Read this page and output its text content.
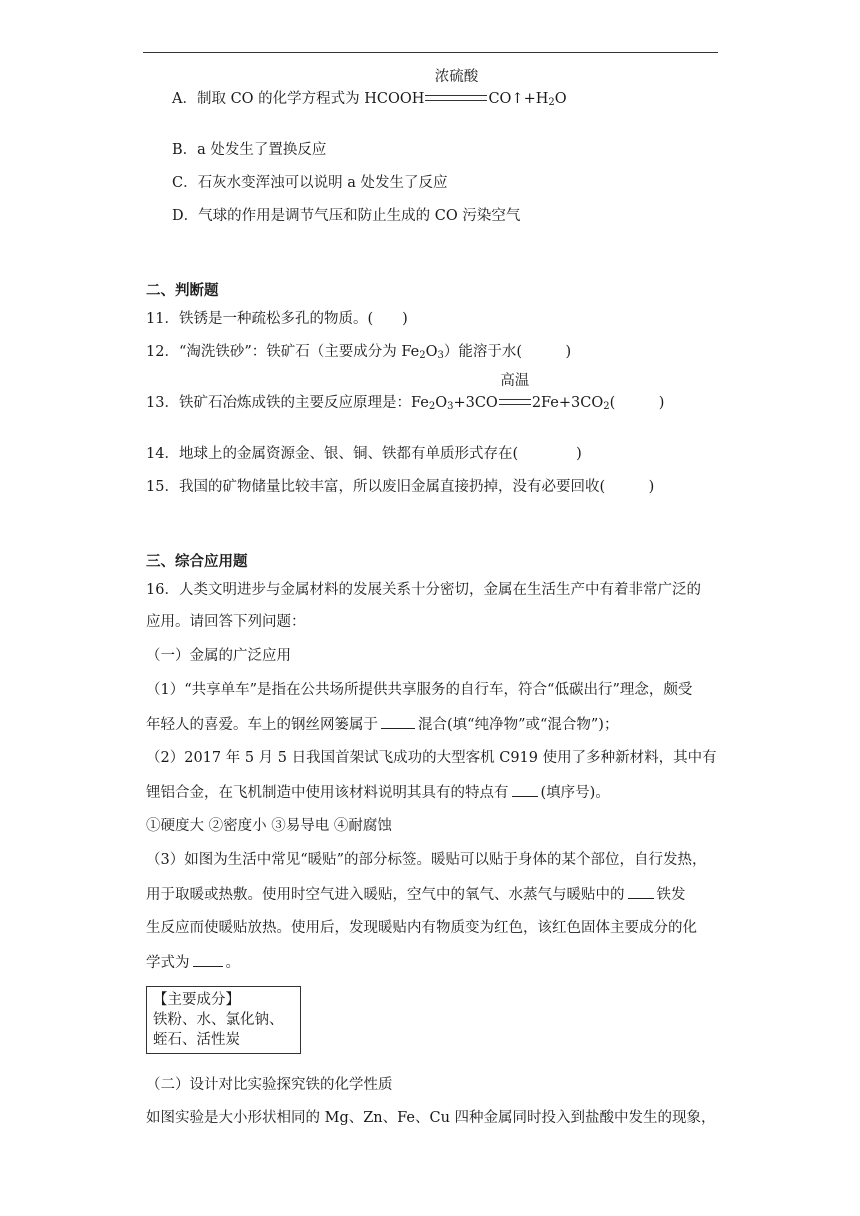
A．制取 CO 的化学方程式为 HCOOH
浓硫酸
$CO↑+H_2O$
B．a 处发生了置换反应
C．石灰水变浑浊可以说明 a 处发生了反应
D．气球的作用是调节气压和防止生成的 CO 污染空气
二、判断题
11．铁锈是一种疏松多孔的物质。(　　)
12．“淘洗铁砂”：铁矿石（主要成分为 $Fe_2O_3$）能溶于水(　　　)
13．铁矿石冶炼成铁的主要反应原理是：$Fe_2O_3+3CO$
高温
$2Fe+3CO_2$(　　　)
14．地球上的金属资源金、银、铜、铁都有单质形式存在(　　　　)
15．我国的矿物储量比较丰富，所以废旧金属直接扔掉，没有必要回收(　　　)
三、综合应用题
16．人类文明进步与金属材料的发展关系十分密切，金属在生活生产中有着非常广泛的
应用。请回答下列问题：
（一）金属的广泛应用
（1）“共享单车”是指在公共场所提供共享服务的自行车，符合“低碳出行”理念，颇受
年轻人的喜爱。车上的钢丝网篓属于	混合(填“纯净物”或“混合物”)；
（2）2017 年 5 月 5 日我国首架试飞成功的大型客机 C919 使用了多种新材料，其中有
锂铝合金，在飞机制造中使用该材料说明其具有的特点有 (填序号)。
①硬度大 ②密度小 ③易导电 ④耐腐蚀
（3）如图为生活中常见“暖贴”的部分标签。暖贴可以贴于身体的某个部位，自行发热，
用于取暖或热敷。使用时空气进入暖贴，空气中的氧气、水蒸气与暖贴中的 铁发
生反应而使暖贴放热。使用后，发现暖贴内有物质变为红色，该红色固体主要成分的化
学式为 。
【主要成分】
铁粉、水、氯化钠、
蛭石、活性炭
（二）设计对比实验探究铁的化学性质
如图实验是大小形状相同的 Mg、Zn、Fe、Cu 四种金属同时投入到盐酸中发生的现象，
